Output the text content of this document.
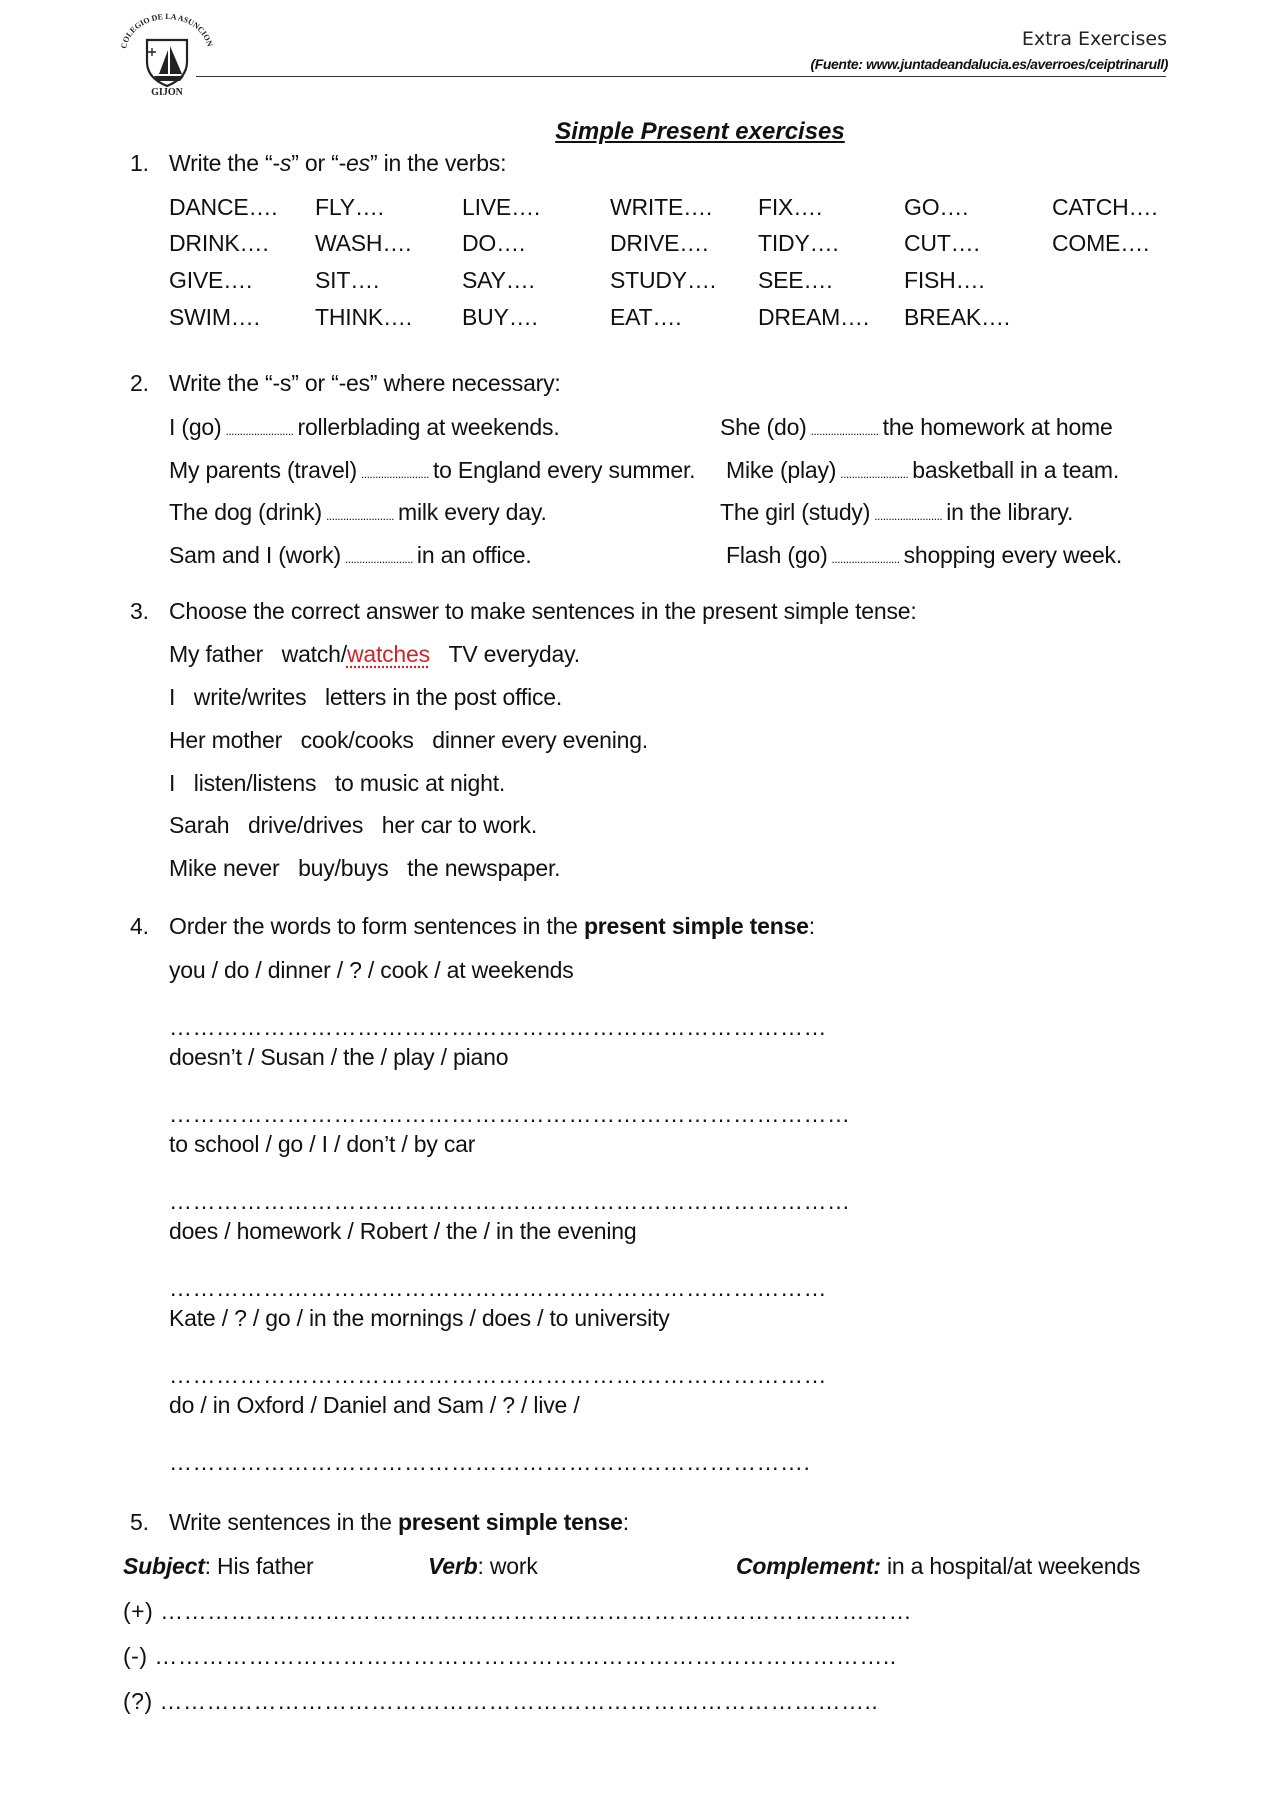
COLEGIO DE LA ASUNCION
GIJON
Extra Exercises
(Fuente: www.juntadeandalucia.es/averroes/ceiptrinarull)
Simple Present exercises
1. Write the “-s” or “-es” in the verbs:
DANCE…. FLY….	LIVE….	WRITE…. FIX….	GO….	CATCH….
DRINK…. WASH…. DO….	DRIVE…. TIDY….	CUT….	COME….
GIVE….	SIT….	SAY….	STUDY…. SEE….	FISH….
SWIM…. THINK…. BUY….	EAT….	DREAM…. BREAK….
2. Write the “-s” or “-es” where necessary:
I (go) ........................ rollerblading at weekends.
My parents (travel) ........................ to England every summer.
The dog (drink) ........................ milk every day.
Sam and I (work) ........................ in an office.
She (do) ........................ the homework at home
Mike (play) ........................ basketball in a team.
The girl (study) ........................ in the library.
Flash (go) ........................ shopping every week.
3. Choose the correct answer to make sentences in the present simple tense:
My father watch/watches TV everyday.
I write/writes letters in the post office.
Her mother cook/cooks dinner every evening.
I listen/listens to music at night.
Sarah drive/drives her car to work.
Mike never buy/buys the newspaper.
4. Order the words to form sentences in the present simple tense:
you / do / dinner / ? / cook / at weekends
…………………………………………………………………………
doesn’t / Susan / the / play / piano
……………………………………………………………………………
to school / go / I / don’t / by car
……………………………………………………………………………
does / homework / Robert / the / in the evening
…………………………………………………………………………
Kate / ? / go / in the mornings / does / to university
…………………………………………………………………………
do / in Oxford / Daniel and Sam / ? / live /
……………………………………………………………………….
5. Write sentences in the present simple tense:
Subject: His father	Verb: work	Complement: in a hospital/at weekends
(+) ……………………………………………………………………………………
(-) …………………………………………………………………………………..
(?) ………………………………………………………………………………..
